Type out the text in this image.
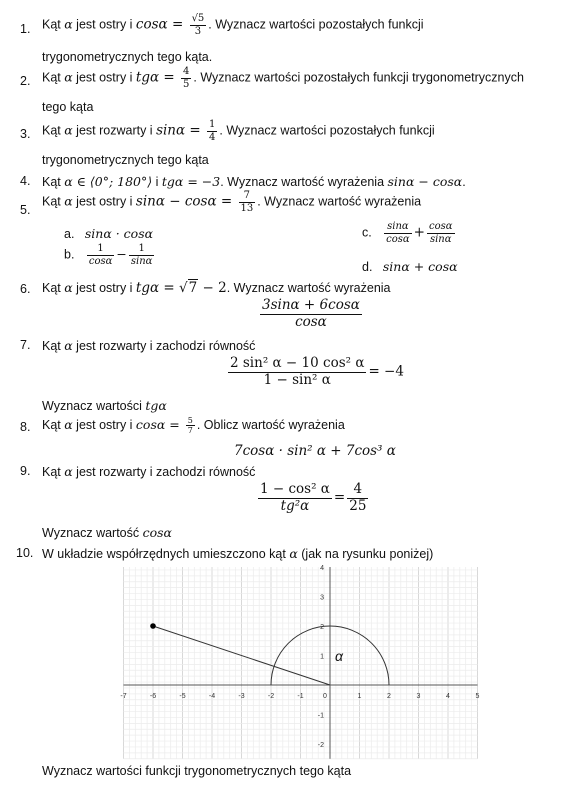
1. Kąt α jest ostry i $\cos\alpha = \frac{√5}{3}$ . Wyznacz wartości pozostałych funkcji
trygonometrycznych tego kąta.
2. Kąt α jest ostry i $tg\alpha = \frac{4}{5}$ . Wyznacz wartości pozostałych funkcji trygonometrycznych
tego kąta
3. Kąt α jest rozwarty i $\sin\alpha = \frac{1}{4}$ . Wyznacz wartości pozostałych funkcji
trygonometrycznych tego kąta
4. Kąt α ∈ ⟨0°; 180°⟩ i tgα = −3. Wyznacz wartość wyrażenia sinα − cosα.
5.
Kąt α jest ostry i $\sin\alpha - \cos\alpha = \frac{7}{13}$ . Wyznacz wartość wyrażenia
a. sinα · cosα
b. $\frac{1}{\cos\alpha} - \frac{1}{\sin\alpha}$
c. $\frac{\sin\alpha}{\cos\alpha} + \frac{\cos\alpha}{\sin\alpha}$
d. sinα + cosα
6. Kąt α jest ostry i tgα = √7 − 2. Wyznacz wartość wyrażenia
$\frac{3\sin\alpha + 6\cos\alpha}{\cos\alpha}$
7. Kąt α jest rozwarty i zachodzi równość
$\frac{\text{2 sin² α − 10 cos² α}}{\text{1 − sin² α}} = -4$
Wyznacz wartości tgα
8. Kąt α jest ostry i $\cos\alpha = \frac{5}{7}$ . Oblicz wartość wyrażenia
7cosα · sin² α + 7cos³ α
9. Kąt α jest rozwarty i zachodzi równość
$\frac{\text{1 − cos² α}}{\text{tg²α}} = \frac{4}{25}$
Wyznacz wartość cosα
10. W układzie współrzędnych umieszczono kąt α (jak na rysunku poniżej)
-7	-6	-5	-4	-3	-2	-1	0	1	2	3	4	5
-2
-1
1
2
3
4
α
Wyznacz wartości funkcji trygonometrycznych tego kąta
